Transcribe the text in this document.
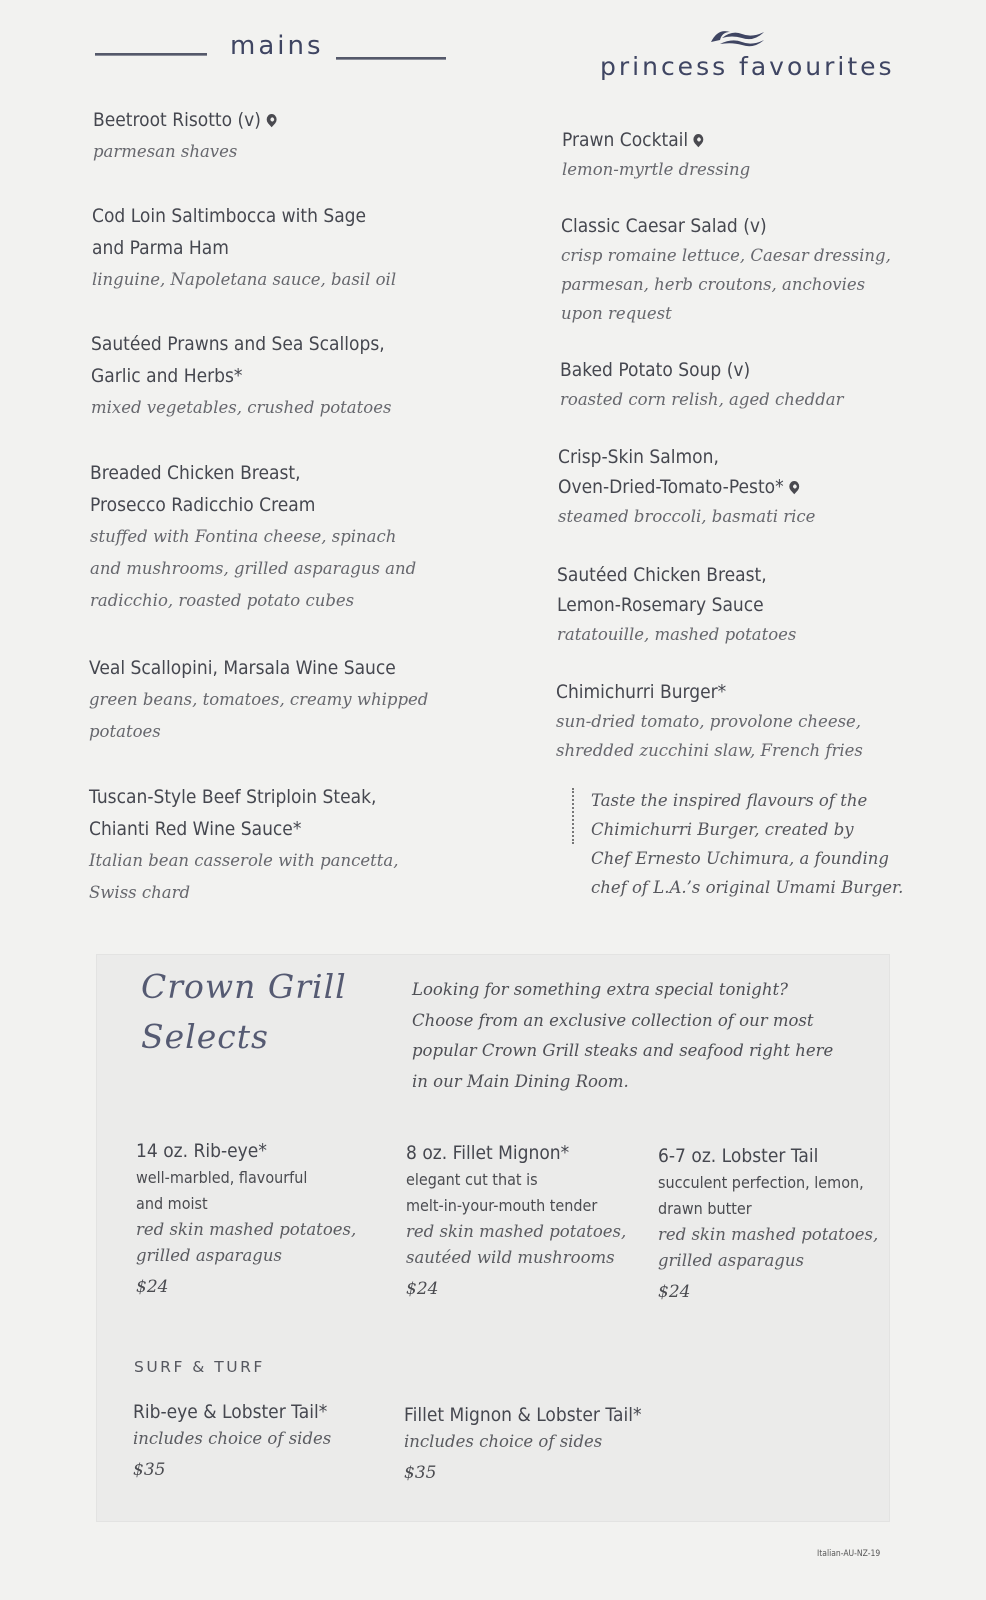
mains
Beetroot Risotto (v)
parmesan shaves
Cod Loin Saltimbocca with Sage
and Parma Ham
linguine, Napoletana sauce, basil oil
Sautéed Prawns and Sea Scallops,
Garlic and Herbs*
mixed vegetables, crushed potatoes
Breaded Chicken Breast,
Prosecco Radicchio Cream
stuffed with Fontina cheese, spinach
and mushrooms, grilled asparagus and
radicchio, roasted potato cubes
Veal Scallopini, Marsala Wine Sauce
green beans, tomatoes, creamy whipped
potatoes
Tuscan-Style Beef Striploin Steak,
Chianti Red Wine Sauce*
Italian bean casserole with pancetta,
Swiss chard
princess favourites
Prawn Cocktail
lemon-myrtle dressing
Classic Caesar Salad (v)
crisp romaine lettuce, Caesar dressing,
parmesan, herb croutons, anchovies
upon request
Baked Potato Soup (v)
roasted corn relish, aged cheddar
Crisp-Skin Salmon,
Oven-Dried-Tomato-Pesto*
steamed broccoli, basmati rice
Sautéed Chicken Breast,
Lemon-Rosemary Sauce
ratatouille, mashed potatoes
Chimichurri Burger*
sun-dried tomato, provolone cheese,
shredded zucchini slaw, French fries
Taste the inspired flavours of the
Chimichurri Burger, created by
Chef Ernesto Uchimura, a founding
chef of L.A.’s original Umami Burger.
Crown Grill
Selects
Looking for something extra special tonight?
Choose from an exclusive collection of our most
popular Crown Grill steaks and seafood right here
in our Main Dining Room.
14 oz. Rib-eye*
well-marbled, flavourful
and moist
red skin mashed potatoes,
grilled asparagus
$24
8 oz. Fillet Mignon*
elegant cut that is
melt-in-your-mouth tender
red skin mashed potatoes,
sautéed wild mushrooms
$24
6-7 oz. Lobster Tail
succulent perfection, lemon,
drawn butter
red skin mashed potatoes,
grilled asparagus
$24
SURF & TURF
Rib-eye & Lobster Tail*
includes choice of sides
$35
Fillet Mignon & Lobster Tail*
includes choice of sides
$35
Italian-AU-NZ-19
